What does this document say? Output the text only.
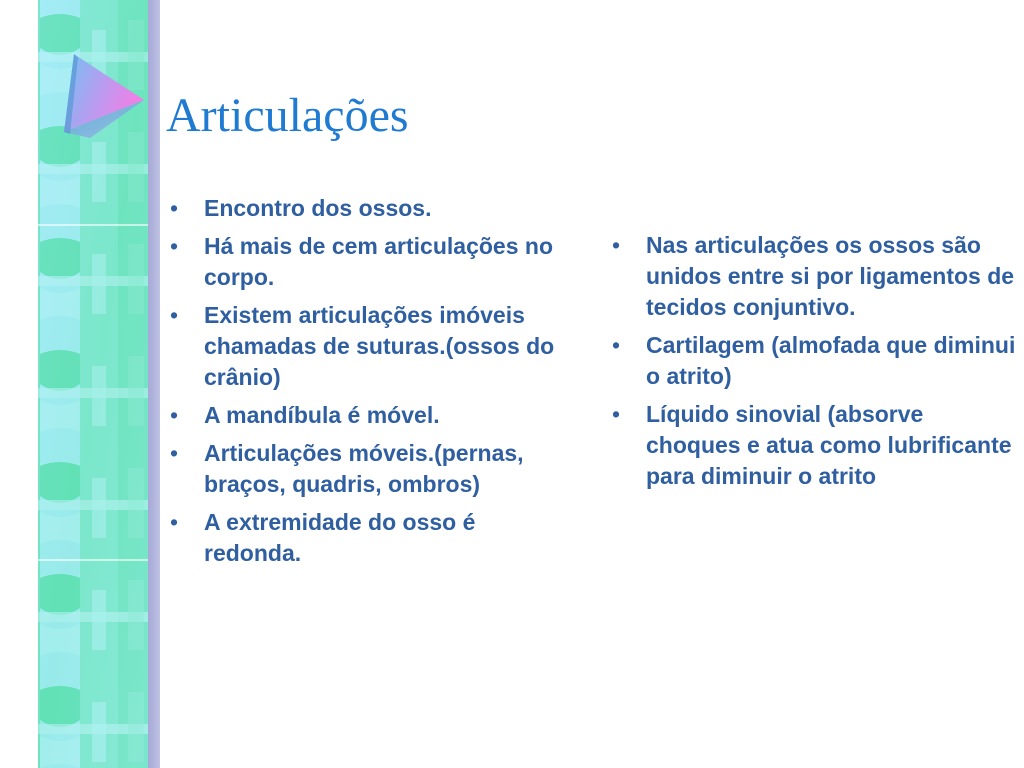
Articulações
• Encontro dos ossos.
• Há mais de cem articulações no corpo.
• Existem articulações imóveis chamadas de suturas.(ossos do crânio)
• A mandíbula é móvel.
• Articulações móveis.(pernas, braços, quadris, ombros)
• A extremidade do osso é redonda.
• Nas articulações os ossos são unidos entre si por ligamentos de tecidos conjuntivo.
• Cartilagem (almofada que diminui o atrito)
• Líquido sinovial (absorve choques e atua como lubrificante para diminuir o atrito
